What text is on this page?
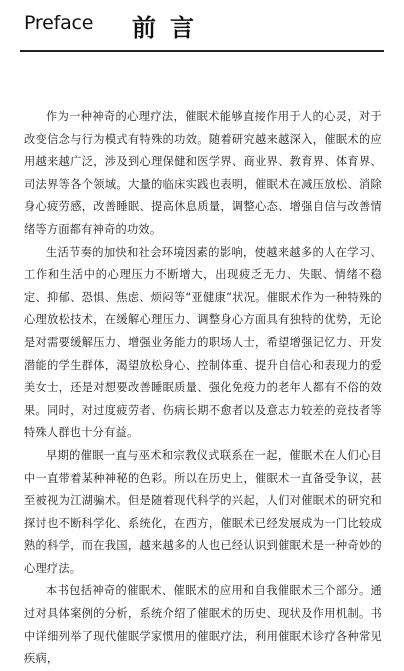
Preface 前言

作为一种神奇的心理疗法，催眠术能够直接作用于人的心灵，对于改变信念与行为模式有特殊的功效。随着研究越来越深入，催眠术的应用越来越广泛，涉及到心理保健和医学界、商业界、教育界、体育界、司法界等各个领域。大量的临床实践也表明，催眠术在减压放松、消除身心疲劳感，改善睡眠、提高休息质量，调整心态、增强自信与改善情绪等方面都有神奇的功效。

生活节奏的加快和社会环境因素的影响，使越来越多的人在学习、工作和生活中的心理压力不断增大，出现疲乏无力、失眠、情绪不稳定、抑郁、恐惧、焦虑、烦闷等“亚健康”状况。催眠术作为一种特殊的心理放松技术，在缓解心理压力、调整身心方面具有独特的优势，无论是对需要缓解压力、增强业务能力的职场人士，希望增强记忆力、开发潜能的学生群体，渴望放松身心、控制体重、提升自信心和表现力的爱美女士，还是对想要改善睡眠质量、强化免疫力的老年人都有不俗的效果。同时，对过度疲劳者、伤病长期不愈者以及意志力较差的竞技者等特殊人群也十分有益。

早期的催眠一直与巫术和宗教仪式联系在一起，催眠术在人们心目中一直带着某种神秘的色彩。所以在历史上，催眠术一直备受争议，甚至被视为江湖骗术。但是随着现代科学的兴起，人们对催眠术的研究和探讨也不断科学化、系统化，在西方，催眠术已经发展成为一门比较成熟的科学，而在我国，越来越多的人也已经认识到催眠术是一种奇妙的心理疗法。

本书包括神奇的催眠术、催眠术的应用和自我催眠术三个部分。通过对具体案例的分析，系统介绍了催眠术的历史、现状及作用机制。书中详细列举了现代催眠学家惯用的催眠疗法，利用催眠术诊疗各种常见疾病，
